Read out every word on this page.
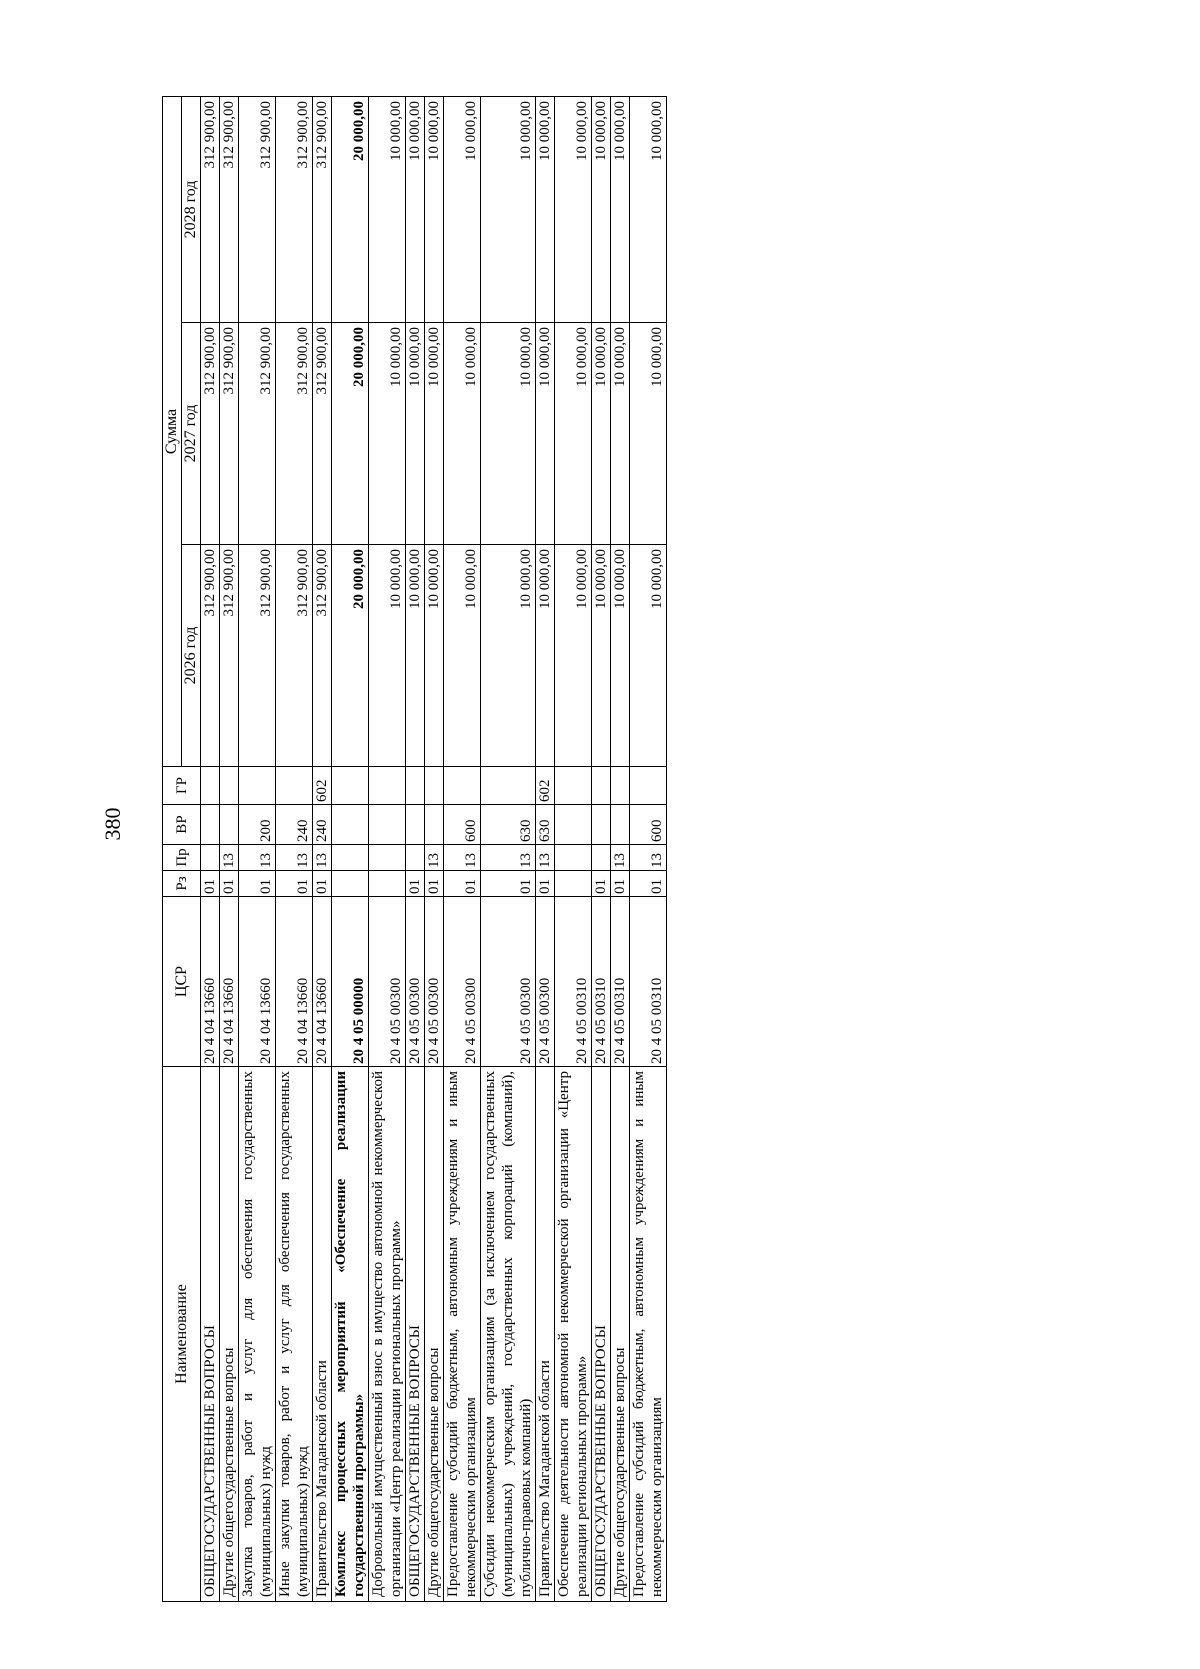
380
Наименование	ЦСР	Рз	Пр	ВР	ГР	Сумма		
						2026 год	2027 год	2028 год
ОБЩЕГОСУДАРСТВЕННЫЕ ВОПРОСЫ	20 4 04 13660	01				312 900,00	312 900,00	312 900,00
Другие общегосударственные вопросы	20 4 04 13660	01	13			312 900,00	312 900,00	312 900,00
Закупка товаров, работ и услуг для обеспечения государственных (муниципальных) нужд	20 4 04 13660	01	13	200		312 900,00	312 900,00	312 900,00
Иные закупки товаров, работ и услуг для обеспечения государственных (муниципальных) нужд	20 4 04 13660	01	13	240		312 900,00	312 900,00	312 900,00
Правительство Магаданской области	20 4 04 13660	01	13	240	602	312 900,00	312 900,00	312 900,00
Комплекс процессных мероприятий «Обеспечение реализации государственной программы»	20 4 05 00000					20 000,00	20 000,00	20 000,00
Добровольный имущественный взнос в имущество автономной некоммерческой организации «Центр реализации региональных программ»	20 4 05 00300					10 000,00	10 000,00	10 000,00
ОБЩЕГОСУДАРСТВЕННЫЕ ВОПРОСЫ	20 4 05 00300	01				10 000,00	10 000,00	10 000,00
Другие общегосударственные вопросы	20 4 05 00300	01	13			10 000,00	10 000,00	10 000,00
Предоставление субсидий бюджетным, автономным учреждениям и иным некоммерческим организациям	20 4 05 00300	01	13	600		10 000,00	10 000,00	10 000,00
Субсидии некоммерческим организациям (за исключением государственных (муниципальных) учреждений, государственных корпораций (компаний), публично-правовых компаний)	20 4 05 00300	01	13	630		10 000,00	10 000,00	10 000,00
Правительство Магаданской области	20 4 05 00300	01	13	630	602	10 000,00	10 000,00	10 000,00
Обеспечение деятельности автономной некоммерческой организации «Центр реализации региональных программ»	20 4 05 00310					10 000,00	10 000,00	10 000,00
ОБЩЕГОСУДАРСТВЕННЫЕ ВОПРОСЫ	20 4 05 00310	01				10 000,00	10 000,00	10 000,00
Другие общегосударственные вопросы	20 4 05 00310	01	13			10 000,00	10 000,00	10 000,00
Предоставление субсидий бюджетным, автономным учреждениям и иным некоммерческим организациям	20 4 05 00310	01	13	600		10 000,00	10 000,00	10 000,00
